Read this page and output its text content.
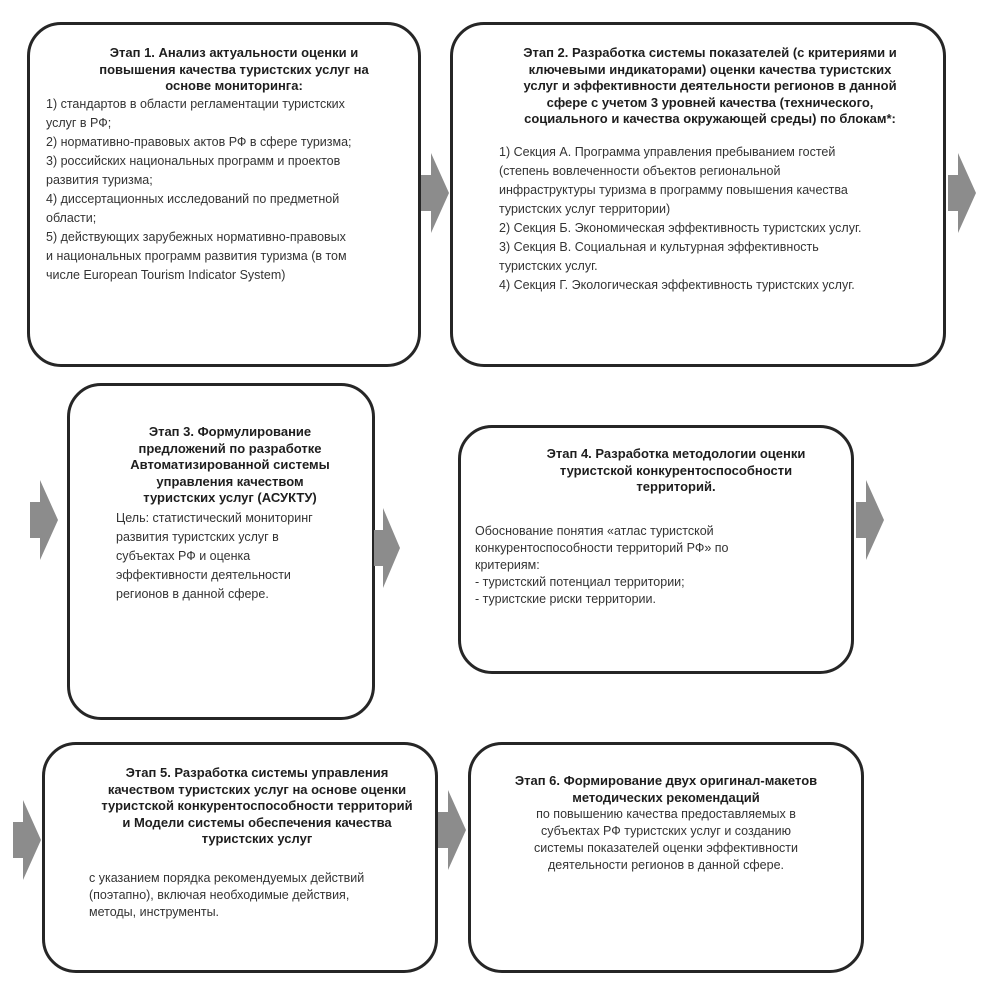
Этап 1. Анализ актуальности оценки и

повышения качества туристских услуг на

основе мониторинга:

1) стандартов в области регламентации туристских

услуг в РФ;

2) нормативно-правовых актов РФ в сфере туризма;

3) российских национальных программ и проектов

развития туризма;

4) диссертационных исследований по предметной

области;

5) действующих зарубежных нормативно-правовых

и национальных программ развития туризма (в том

числе European Tourism Indicator System)

Этап 2. Разработка системы показателей (с критериями и

ключевыми индикаторами) оценки качества туристских

услуг и эффективности деятельности регионов в данной

сфере с учетом 3 уровней качества (технического,

социального и качества окружающей среды) по блокам*:

1) Секция А. Программа управления пребыванием гостей

(степень вовлеченности объектов региональной

инфраструктуры туризма в программу повышения качества

туристских услуг территории)

2) Секция Б. Экономическая эффективность туристских услуг.

3) Секция В. Социальная и культурная эффективность

туристских услуг.

4) Секция Г. Экологическая эффективность туристских услуг.

Этап 3. Формулирование

предложений по разработке

Автоматизированной системы

управления качеством

туристских услуг (АСУКТУ)

Цель: статистический мониторинг

развития туристских услуг в

субъектах РФ и оценка

эффективности деятельности

регионов в данной сфере.

Этап 4. Разработка методологии оценки

туристской конкурентоспособности

территорий.

Обоснование понятия «атлас туристской

конкурентоспособности территорий РФ» по

критериям:

- туристский потенциал территории;

- туристские риски территории.

Этап 5. Разработка системы управления

качеством туристских услуг на основе оценки

туристской конкурентоспособности территорий

и Модели системы обеспечения качества

туристских услуг

с указанием порядка рекомендуемых действий

(поэтапно), включая необходимые действия,

методы, инструменты.

Этап 6. Формирование двух оригинал-макетов

методических рекомендаций

по повышению качества предоставляемых в

субъектах РФ туристских услуг и созданию

системы показателей оценки эффективности

деятельности регионов в данной сфере.
